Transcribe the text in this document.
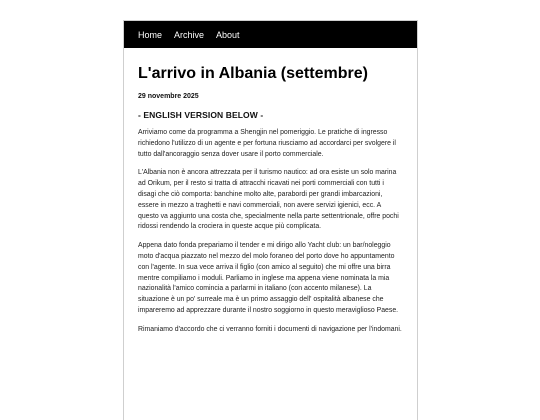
Home Archive About
L'arrivo in Albania (settembre)
29 novembre 2025
- ENGLISH VERSION BELOW -

Arriviamo come da programma a Shengjin nel pomeriggio. Le pratiche di ingresso richiedono l'utilizzo di un agente e per fortuna riusciamo ad accordarci per svolgere il tutto dall'ancoraggio senza dover usare il porto commerciale.

L'Albania non è ancora attrezzata per il turismo nautico: ad ora esiste un solo marina ad Orikum, per il resto si tratta di attracchi ricavati nei porti commerciali con tutti i disagi che ciò comporta: banchine molto alte, parabordi per grandi imbarcazioni, essere in mezzo a traghetti e navi commerciali, non avere servizi igienici, ecc. A questo va aggiunto una costa che, specialmente nella parte settentrionale, offre pochi ridossi rendendo la crociera in queste acque più complicata.

Appena dato fonda prepariamo il tender e mi dirigo allo Yacht club: un bar/noleggio moto d'acqua piazzato nel mezzo del molo foraneo del porto dove ho appuntamento con l'agente. In sua vece arriva il figlio (con amico al seguito) che mi offre una birra mentre compiliamo i moduli. Parliamo in inglese ma appena viene nominata la mia nazionalità l'amico comincia a parlarmi in italiano (con accento milanese). La situazione è un po' surreale ma è un primo assaggio dell' ospitalità albanese che impareremo ad apprezzare durante il nostro soggiorno in questo meraviglioso Paese.

Rimaniamo d'accordo che ci verranno forniti i documenti di navigazione per l'indomani.
